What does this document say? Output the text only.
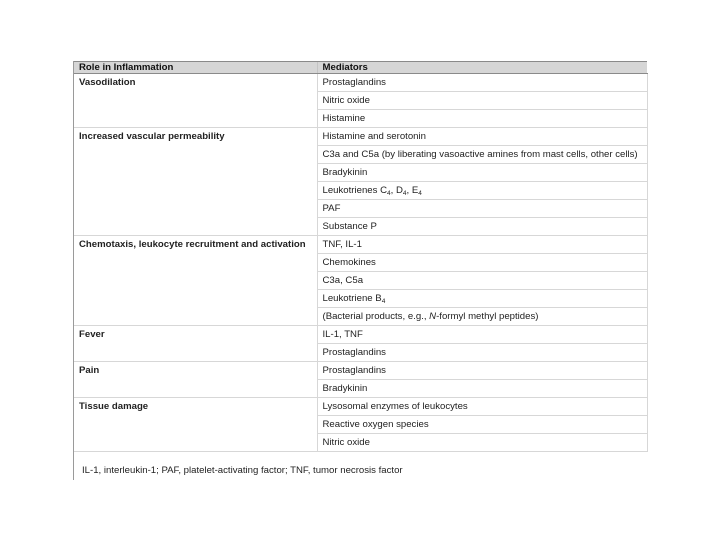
Role in Inflammation	Mediators
Vasodilation	Prostaglandins
	Nitric oxide
	Histamine
Increased vascular permeability	Histamine and serotonin
	C3a and C5a (by liberating vasoactive amines from mast cells, other cells)
	Bradykinin
	Leukotrienes $C_4$, $D_4$, $E_4$
	PAF
	Substance P
Chemotaxis, leukocyte recruitment and activation	TNF, IL-1
	Chemokines
	C3a, C5a
	Leukotriene $B_4$
	(Bacterial products, e.g., N-formyl methyl peptides)
Fever	IL-1, TNF
	Prostaglandins
Pain	Prostaglandins
	Bradykinin
Tissue damage	Lysosomal enzymes of leukocytes
	Reactive oxygen species
	Nitric oxide
IL-1, interleukin-1; PAF, platelet-activating factor; TNF, tumor necrosis factor
